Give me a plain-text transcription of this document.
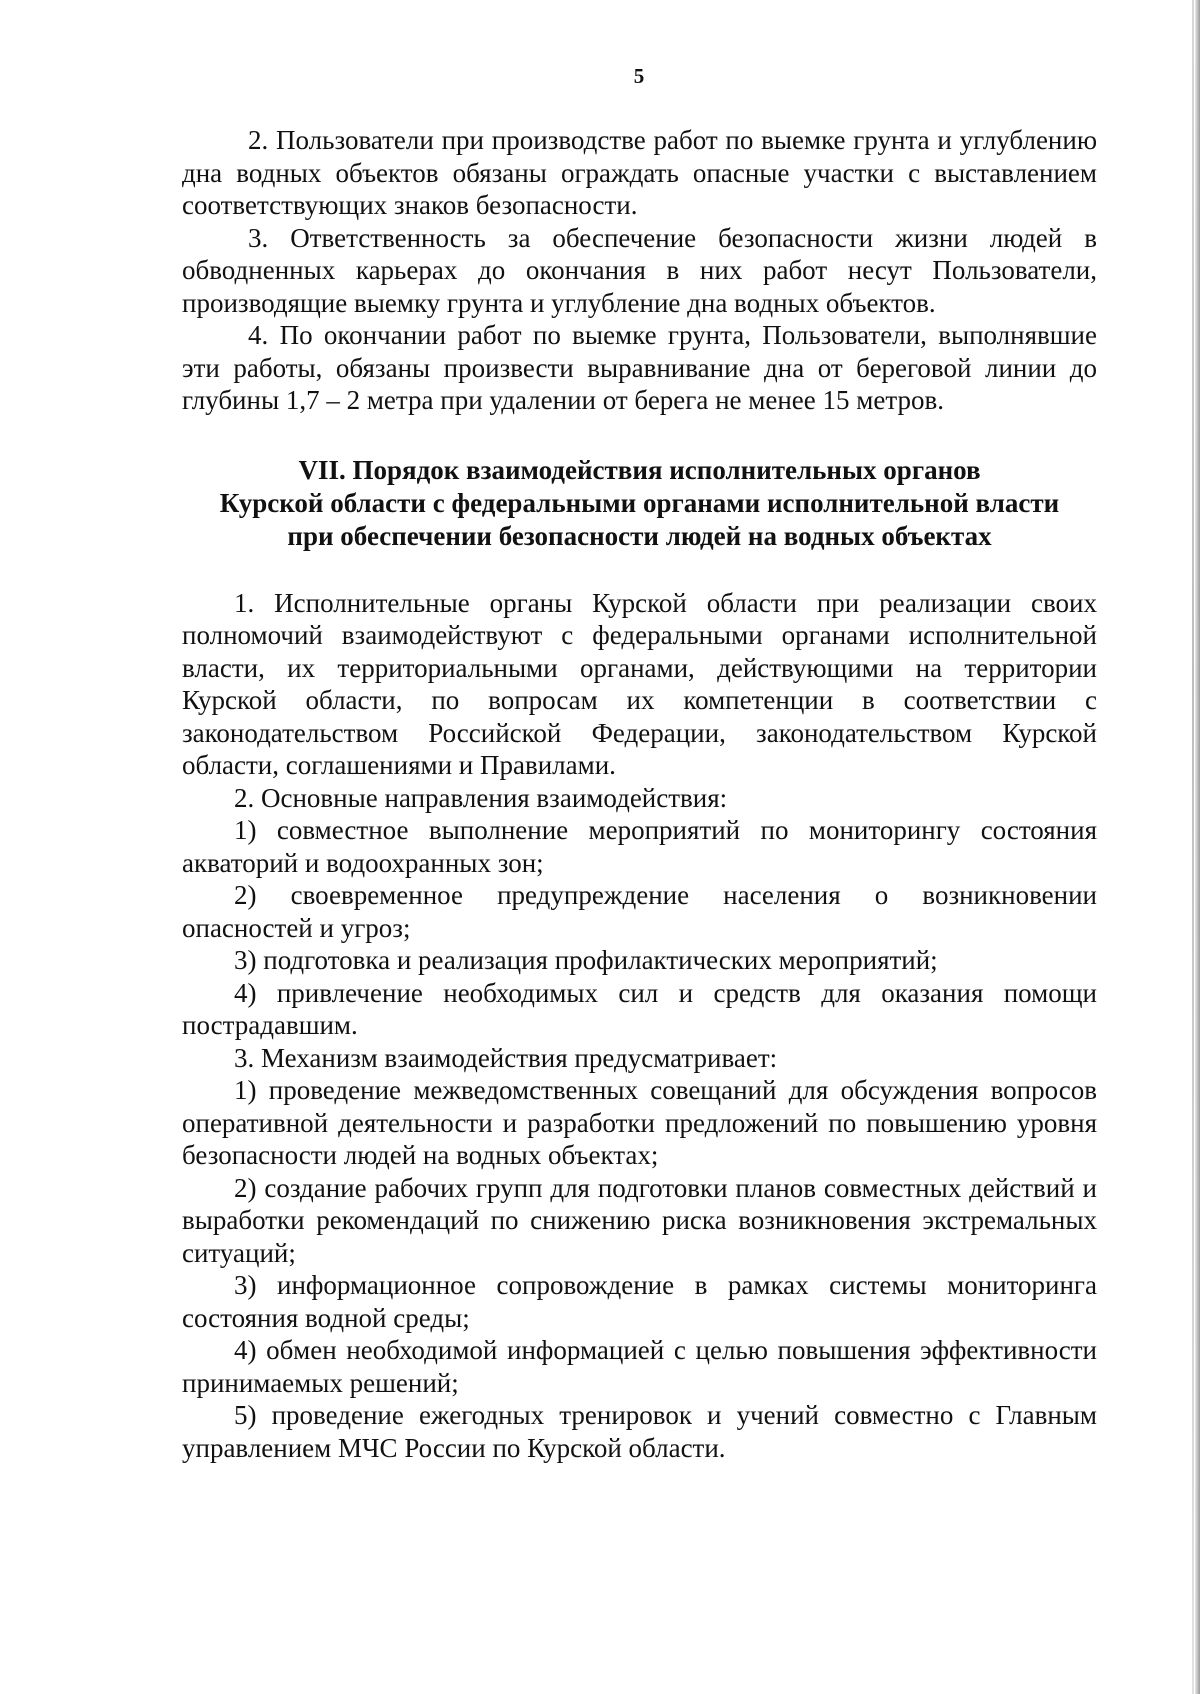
5

2. Пользователи при производстве работ по выемке грунта и углублению дна водных объектов обязаны ограждать опасные участки с выставлением соответствующих знаков безопасности.

3. Ответственность за обеспечение безопасности жизни людей в обводненных карьерах до окончания в них работ несут Пользователи, производящие выемку грунта и углубление дна водных объектов.

4. По окончании работ по выемке грунта, Пользователи, выполнявшие эти работы, обязаны произвести выравнивание дна от береговой линии до глубины 1,7 – 2 метра при удалении от берега не менее 15 метров.

VII. Порядок взаимодействия исполнительных органов
Курской области с федеральными органами исполнительной власти
при обеспечении безопасности людей на водных объектах

1. Исполнительные органы Курской области при реализации своих полномочий взаимодействуют с федеральными органами исполнительной власти, их территориальными органами, действующими на территории Курской области, по вопросам их компетенции в соответствии с законодательством Российской Федерации, законодательством Курской области, соглашениями и Правилами.

2. Основные направления взаимодействия:

1) совместное выполнение мероприятий по мониторингу состояния акваторий и водоохранных зон;

2) своевременное предупреждение населения о возникновении опасностей и угроз;

3) подготовка и реализация профилактических мероприятий;

4) привлечение необходимых сил и средств для оказания помощи пострадавшим.

3. Механизм взаимодействия предусматривает:

1) проведение межведомственных совещаний для обсуждения вопросов оперативной деятельности и разработки предложений по повышению уровня безопасности людей на водных объектах;

2) создание рабочих групп для подготовки планов совместных действий и выработки рекомендаций по снижению риска возникновения экстремальных ситуаций;

3) информационное сопровождение в рамках системы мониторинга состояния водной среды;

4) обмен необходимой информацией с целью повышения эффективности принимаемых решений;

5) проведение ежегодных тренировок и учений совместно с Главным управлением МЧС России по Курской области.
